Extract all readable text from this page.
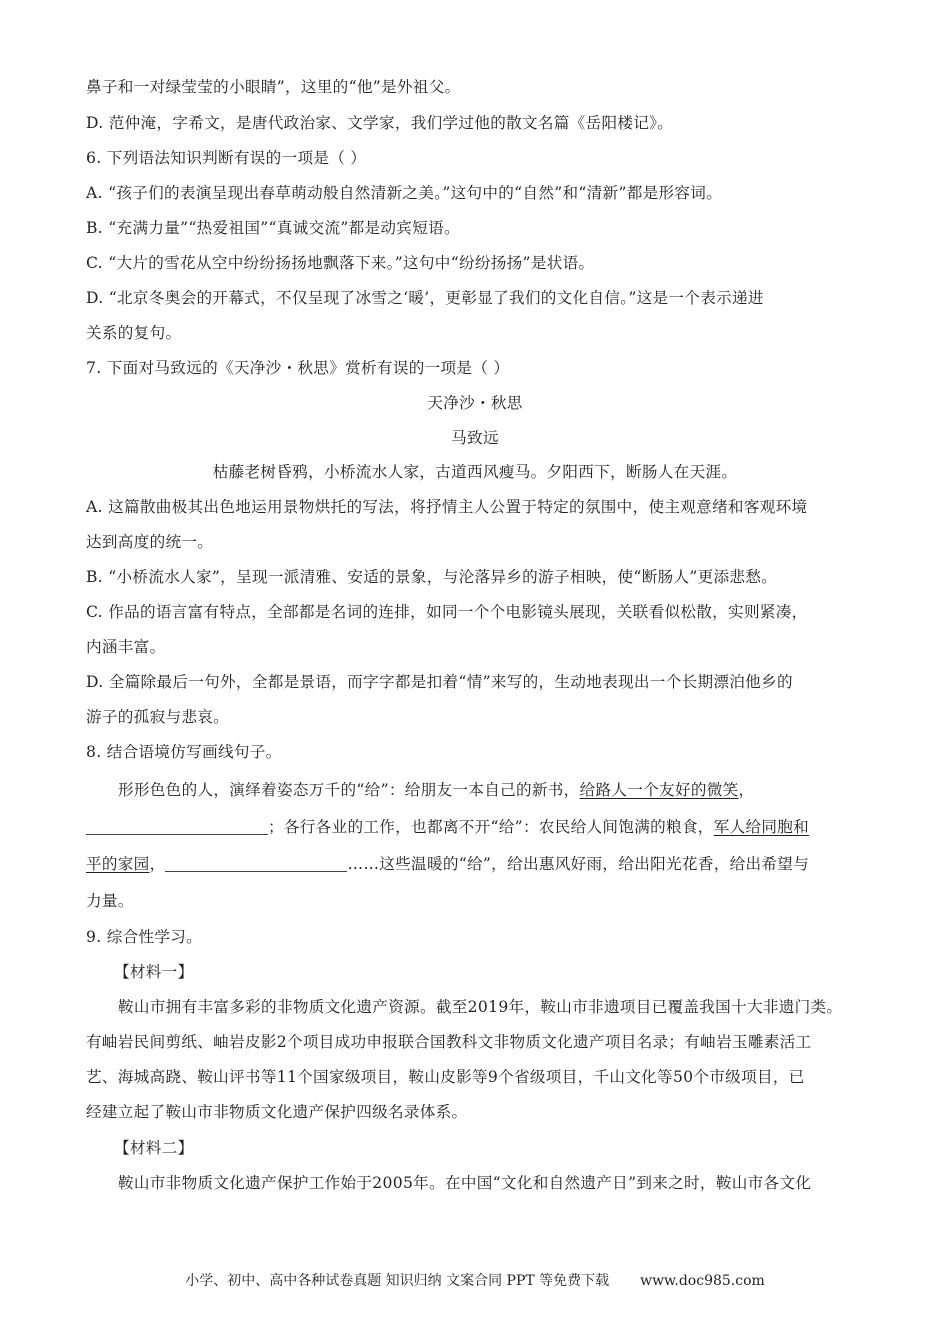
鼻子和一对绿莹莹的小眼睛”，这里的“他”是外祖父。
D. 范仲淹，字希文，是唐代政治家、文学家，我们学过他的散文名篇《岳阳楼记》。
6. 下列语法知识判断有误的一项是（ ）
A. “孩子们的表演呈现出春草萌动般自然清新之美。”这句中的“自然”和“清新”都是形容词。
B. “充满力量”“热爱祖国”“真诚交流”都是动宾短语。
C. “大片的雪花从空中纷纷扬扬地飘落下来。”这句中“纷纷扬扬”是状语。
D. “北京冬奥会的开幕式，不仅呈现了冰雪之‘暖’，更彰显了我们的文化自信。”这是一个表示递进
关系的复句。
7. 下面对马致远的《天净沙・秋思》赏析有误的一项是（ ）
天净沙・秋思
马致远
枯藤老树昏鸦，小桥流水人家，古道西风瘦马。夕阳西下，断肠人在天涯。
A. 这篇散曲极其出色地运用景物烘托的写法，将抒情主人公置于特定的氛围中，使主观意绪和客观环境
达到高度的统一。
B. “小桥流水人家”，呈现一派清雅、安适的景象，与沦落异乡的游子相映，使“断肠人”更添悲愁。
C. 作品的语言富有特点，全部都是名词的连排，如同一个个电影镜头展现，关联看似松散，实则紧凑，
内涵丰富。
D. 全篇除最后一句外，全都是景语，而字字都是扣着“情”来写的，生动地表现出一个长期漂泊他乡的
游子的孤寂与悲哀。
8. 结合语境仿写画线句子。
形形色色的人，演绎着姿态万千的“给”：给朋友一本自己的新书，给路人一个友好的微笑，
；各行各业的工作，也都离不开“给”：农民给人间饱满的粮食，军人给同胞和
平的家园，	……这些温暖的“给”，给出惠风好雨，给出阳光花香，给出希望与
力量。
9. 综合性学习。
【材料一】
鞍山市拥有丰富多彩的非物质文化遗产资源。截至2019年，鞍山市非遗项目已覆盖我国十大非遗门类。
有岫岩民间剪纸、岫岩皮影2个项目成功申报联合国教科文非物质文化遗产项目名录；有岫岩玉雕素活工
艺、海城高跷、鞍山评书等11个国家级项目，鞍山皮影等9个省级项目，千山文化等50个市级项目，已
经建立起了鞍山市非物质文化遗产保护四级名录体系。
【材料二】
鞍山市非物质文化遗产保护工作始于2005年。在中国“文化和自然遗产日”到来之时，鞍山市各文化
小学、初中、高中各种试卷真题 知识归纳 文案合同 PPT 等免费下载 www.doc985.com
